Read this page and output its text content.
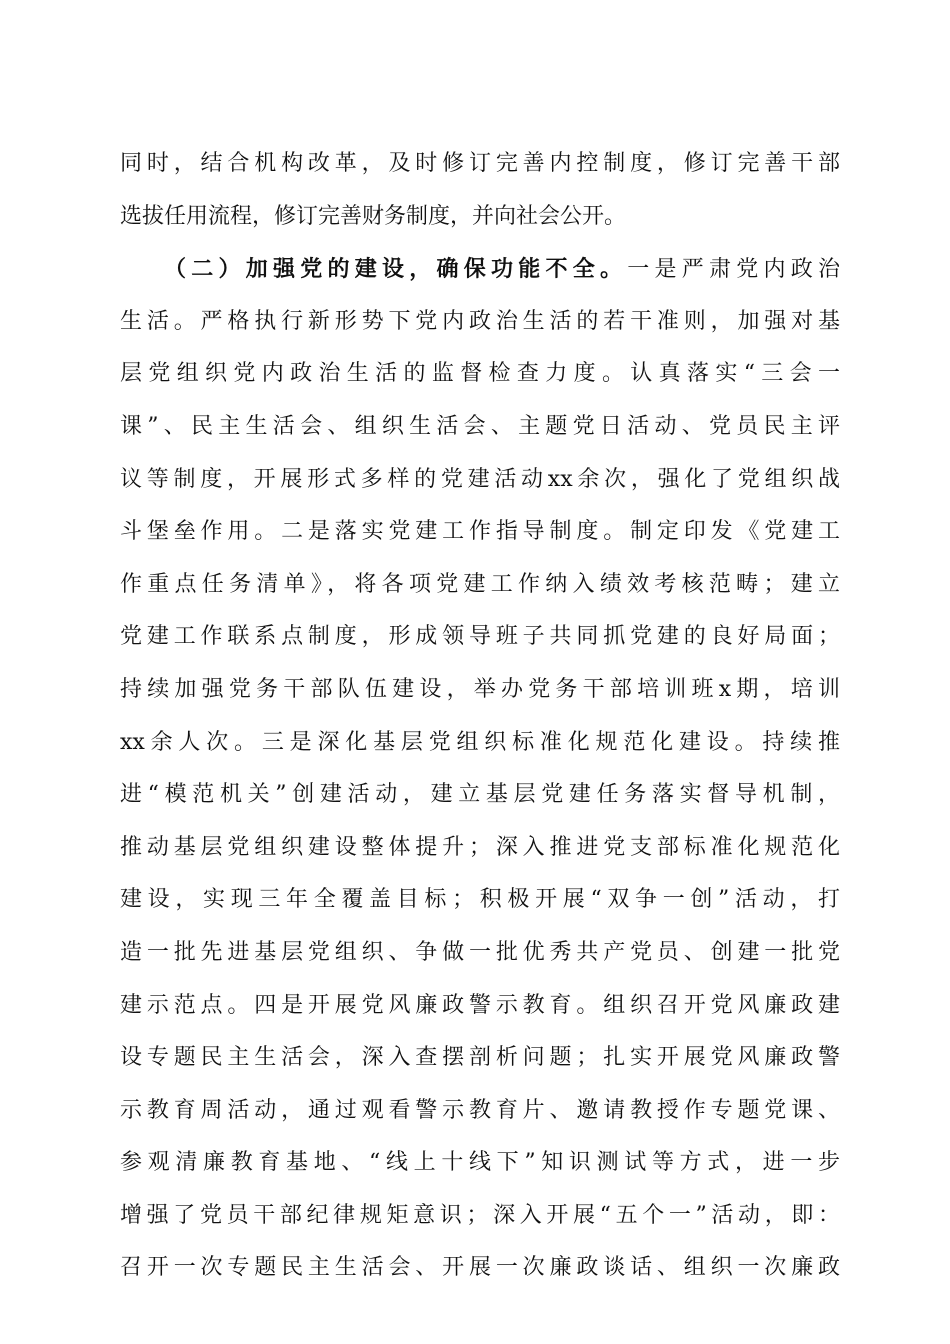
同时，结合机构改革，及时修订完善内控制度，修订完善干部
选拔任用流程，修订完善财务制度，并向社会公开。
（二）加强党的建设，确保功能不全。一是严肃党内政治
生活。严格执行新形势下党内政治生活的若干准则，加强对基
层党组织党内政治生活的监督检查力度。认真落实“三会一
课”、民主生活会、组织生活会、主题党日活动、党员民主评
议等制度，开展形式多样的党建活动xx余次，强化了党组织战
斗堡垒作用。二是落实党建工作指导制度。制定印发《党建工
作重点任务清单》，将各项党建工作纳入绩效考核范畴；建立
党建工作联系点制度，形成领导班子共同抓党建的良好局面；
持续加强党务干部队伍建设，举办党务干部培训班x期，培训
xx余人次。三是深化基层党组织标准化规范化建设。持续推
进“模范机关”创建活动，建立基层党建任务落实督导机制，
推动基层党组织建设整体提升；深入推进党支部标准化规范化
建设，实现三年全覆盖目标；积极开展“双争一创”活动，打
造一批先进基层党组织、争做一批优秀共产党员、创建一批党
建示范点。四是开展党风廉政警示教育。组织召开党风廉政建
设专题民主生活会，深入查摆剖析问题；扎实开展党风廉政警
示教育周活动，通过观看警示教育片、邀请教授作专题党课、
参观清廉教育基地、“线上十线下”知识测试等方式，进一步
增强了党员干部纪律规矩意识；深入开展“五个一”活动，即：
召开一次专题民主生活会、开展一次廉政谈话、组织一次廉政
